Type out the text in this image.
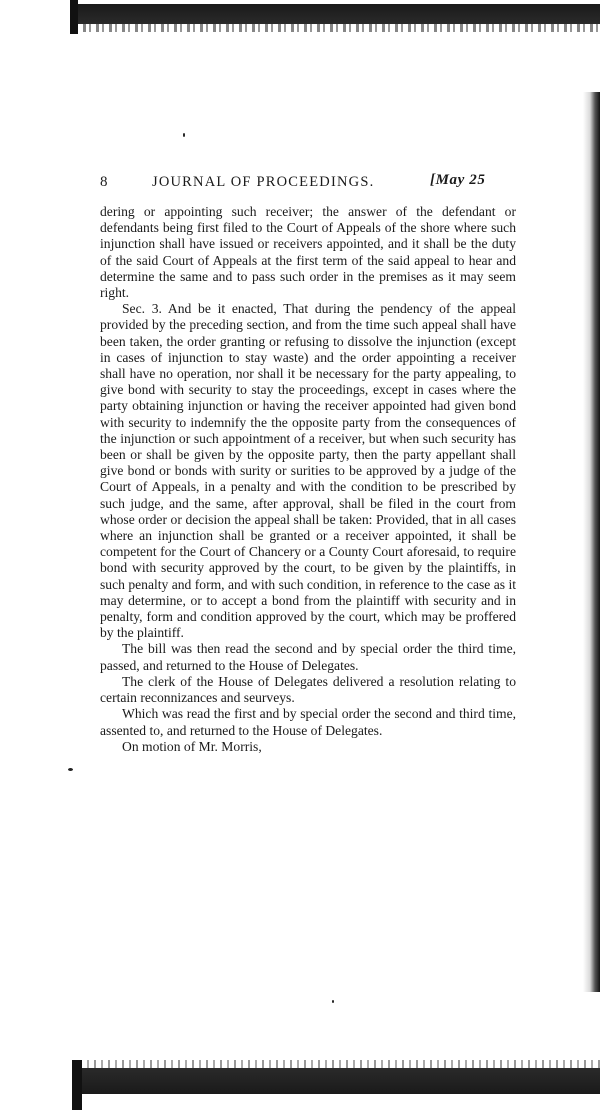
8	JOURNAL OF PROCEEDINGS.	[May 25

dering or appointing such receiver; the answer of the defendant or defendants being first filed to the Court of Appeals of the shore where such injunction shall have issued or receivers appointed, and it shall be the duty of the said Court of Appeals at the first term of the said appeal to hear and determine the same and to pass such order in the premises as it may seem right.

Sec. 3. And be it enacted, That during the pendency of the appeal provided by the preceding section, and from the time such appeal shall have been taken, the order granting or refusing to dissolve the injunction (except in cases of injunction to stay waste) and the order appointing a receiver shall have no operation, nor shall it be necessary for the party appealing, to give bond with security to stay the proceedings, except in cases where the party obtaining injunction or having the receiver appointed had given bond with security to indemnify the the opposite party from the consequences of the injunction or such appointment of a receiver, but when such security has been or shall be given by the opposite party, then the party appellant shall give bond or bonds with surity or surities to be approved by a judge of the Court of Appeals, in a penalty and with the condition to be prescribed by such judge, and the same, after approval, shall be filed in the court from whose order or decision the appeal shall be taken: Provided, that in all cases where an injunction shall be granted or a receiver appointed, it shall be competent for the Court of Chancery or a County Court aforesaid, to require bond with security approved by the court, to be given by the plaintiffs, in such penalty and form, and with such condition, in reference to the case as it may determine, or to accept a bond from the plaintiff with security and in penalty, form and condition approved by the court, which may be proffered by the plaintiff.

The bill was then read the second and by special order the third time, passed, and returned to the House of Delegates.

The clerk of the House of Delegates delivered a resolution relating to certain reconnizances and seurveys.

Which was read the first and by special order the second and third time, assented to, and returned to the House of Delegates.

On motion of Mr. Morris,
